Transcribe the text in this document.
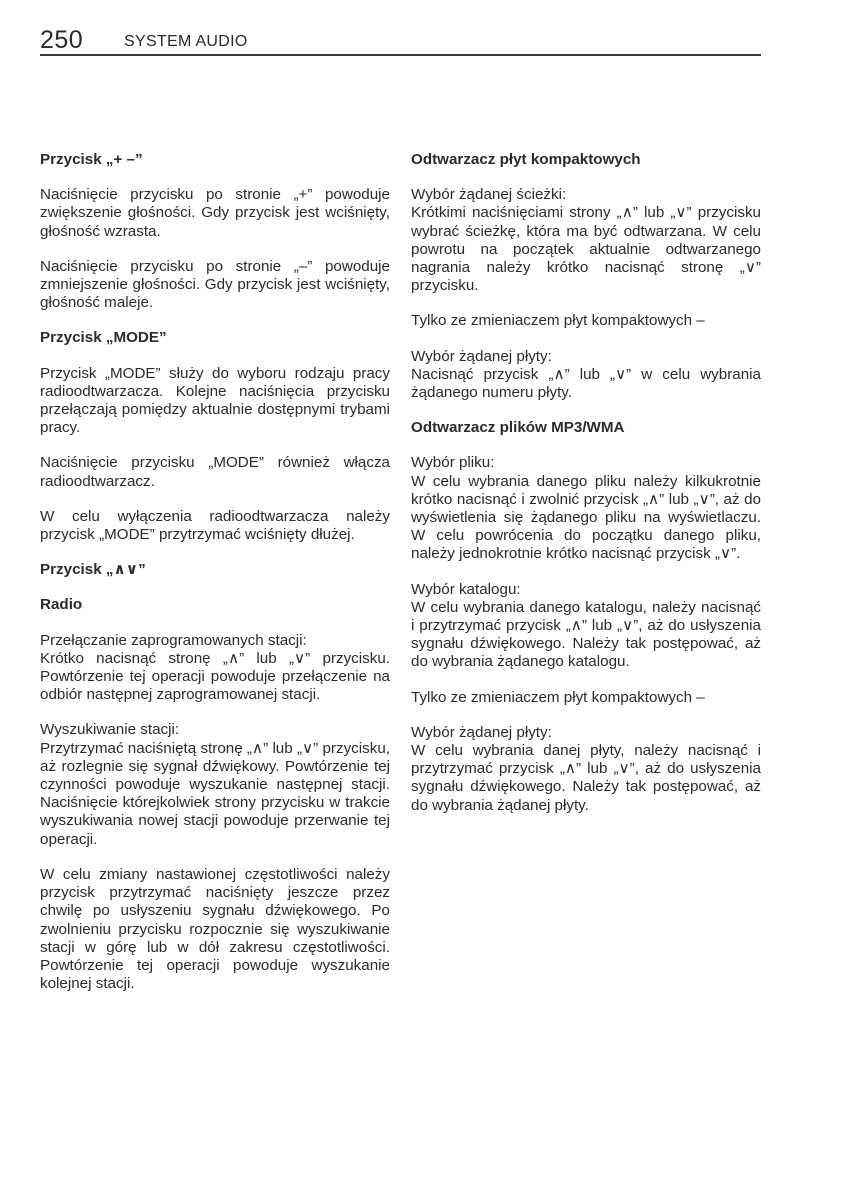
250	SYSTEM AUDIO

Przycisk „+ –”

Naciśnięcie przycisku po stronie „+” powoduje zwiększenie głośności. Gdy przycisk jest wciśnięty, głośność wzrasta.

Naciśnięcie przycisku po stronie „–” powoduje zmniejszenie głośności. Gdy przycisk jest wciśnięty, głośność maleje.

Przycisk „MODE”

Przycisk „MODE” służy do wyboru rodzaju pracy radioodtwarzacza. Kolejne naciśnięcia przycisku przełączają pomiędzy aktualnie dostępnymi trybami pracy.

Naciśnięcie przycisku „MODE” również włącza radioodtwarzacz.

W celu wyłączenia radioodtwarzacza należy przycisk „MODE” przytrzymać wciśnięty dłużej.

Przycisk „∧∨”

Radio

Przełączanie zaprogramowanych stacji:
Krótko nacisnąć stronę „∧” lub „∨” przycisku. Powtórzenie tej operacji powoduje przełączenie na odbiór następnej zaprogramowanej stacji.

Wyszukiwanie stacji:
Przytrzymać naciśniętą stronę „∧” lub „∨” przycisku, aż rozlegnie się sygnał dźwiękowy. Powtórzenie tej czynności powoduje wyszukanie następnej stacji. Naciśnięcie którejkolwiek strony przycisku w trakcie wyszukiwania nowej stacji powoduje przerwanie tej operacji.

W celu zmiany nastawionej częstotliwości należy przycisk przytrzymać naciśnięty jeszcze przez chwilę po usłyszeniu sygnału dźwiękowego. Po zwolnieniu przycisku rozpocznie się wyszukiwanie stacji w górę lub w dół zakresu częstotliwości. Powtórzenie tej operacji powoduje wyszukanie kolejnej stacji.

Odtwarzacz płyt kompaktowych

Wybór żądanej ścieżki:
Krótkimi naciśnięciami strony „∧” lub „∨” przycisku wybrać ścieżkę, która ma być odtwarzana. W celu powrotu na początek aktualnie odtwarzanego nagrania należy krótko nacisnąć stronę „∨” przycisku.

Tylko ze zmieniaczem płyt kompaktowych –

Wybór żądanej płyty:
Nacisnąć przycisk „∧” lub „∨” w celu wybrania żądanego numeru płyty.

Odtwarzacz plików MP3/WMA

Wybór pliku:
W celu wybrania danego pliku należy kilkukrotnie krótko nacisnąć i zwolnić przycisk „∧” lub „∨”, aż do wyświetlenia się żądanego pliku na wyświetlaczu. W celu powrócenia do początku danego pliku, należy jednokrotnie krótko nacisnąć przycisk „∨”.

Wybór katalogu:
W celu wybrania danego katalogu, należy nacisnąć i przytrzymać przycisk „∧” lub „∨”, aż do usłyszenia sygnału dźwiękowego. Należy tak postępować, aż do wybrania żądanego katalogu.

Tylko ze zmieniaczem płyt kompaktowych –

Wybór żądanej płyty:
W celu wybrania danej płyty, należy nacisnąć i przytrzymać przycisk „∧” lub „∨”, aż do usłyszenia sygnału dźwiękowego. Należy tak postępować, aż do wybrania żądanej płyty.
